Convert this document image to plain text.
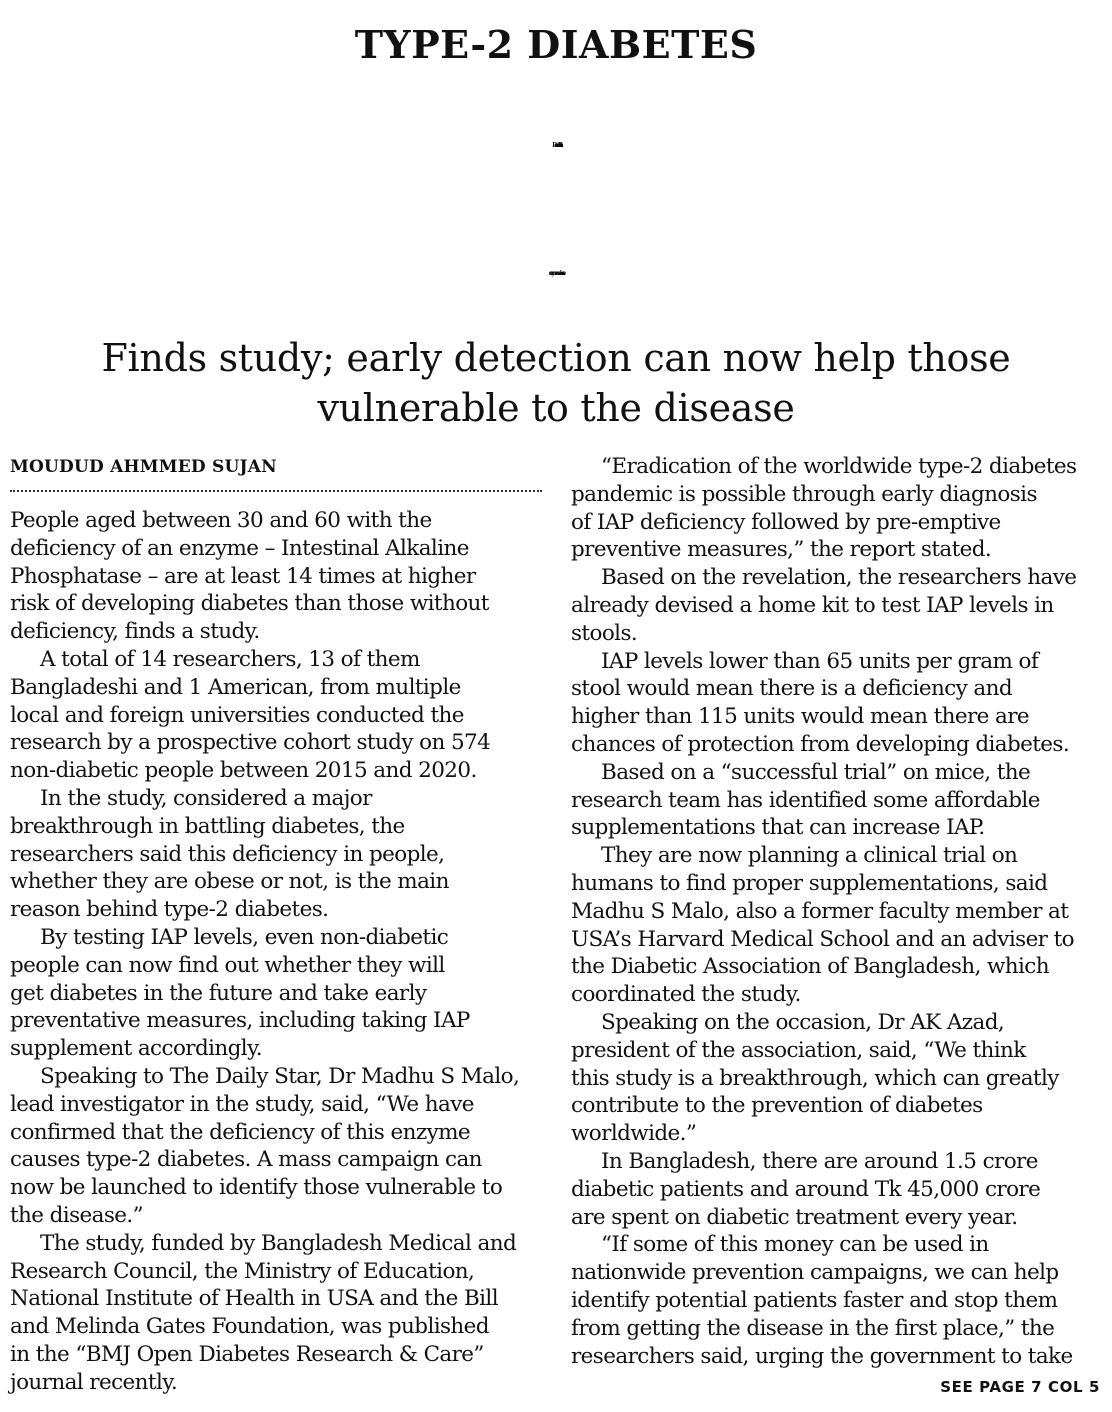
TYPE-2 DIABETES
Decrease in intestinal
enzyme main cause
Finds study; early detection can now help those
vulnerable to the disease
MOUDUD AHMMED SUJAN
People aged between 30 and 60 with the
deficiency of an enzyme – Intestinal Alkaline
Phosphatase – are at least 14 times at higher
risk of developing diabetes than those without
deficiency, finds a study.
A total of 14 researchers, 13 of them
Bangladeshi and 1 American, from multiple
local and foreign universities conducted the
research by a prospective cohort study on 574
non-diabetic people between 2015 and 2020.
In the study, considered a major
breakthrough in battling diabetes, the
researchers said this deficiency in people,
whether they are obese or not, is the main
reason behind type-2 diabetes.
By testing IAP levels, even non-diabetic
people can now find out whether they will
get diabetes in the future and take early
preventative measures, including taking IAP
supplement accordingly.
Speaking to The Daily Star, Dr Madhu S Malo,
lead investigator in the study, said, “We have
confirmed that the deficiency of this enzyme
causes type-2 diabetes. A mass campaign can
now be launched to identify those vulnerable to
the disease.”
The study, funded by Bangladesh Medical and
Research Council, the Ministry of Education,
National Institute of Health in USA and the Bill
and Melinda Gates Foundation, was published
in the “BMJ Open Diabetes Research & Care”
journal recently.
“Eradication of the worldwide type-2 diabetes
pandemic is possible through early diagnosis
of IAP deficiency followed by pre-emptive
preventive measures,” the report stated.
Based on the revelation, the researchers have
already devised a home kit to test IAP levels in
stools.
IAP levels lower than 65 units per gram of
stool would mean there is a deficiency and
higher than 115 units would mean there are
chances of protection from developing diabetes.
Based on a “successful trial” on mice, the
research team has identified some affordable
supplementations that can increase IAP.
They are now planning a clinical trial on
humans to find proper supplementations, said
Madhu S Malo, also a former faculty member at
USA’s Harvard Medical School and an adviser to
the Diabetic Association of Bangladesh, which
coordinated the study.
Speaking on the occasion, Dr AK Azad,
president of the association, said, “We think
this study is a breakthrough, which can greatly
contribute to the prevention of diabetes
worldwide.”
In Bangladesh, there are around 1.5 crore
diabetic patients and around Tk 45,000 crore
are spent on diabetic treatment every year.
“If some of this money can be used in
nationwide prevention campaigns, we can help
identify potential patients faster and stop them
from getting the disease in the first place,” the
researchers said, urging the government to take
SEE PAGE 7 COL 5
